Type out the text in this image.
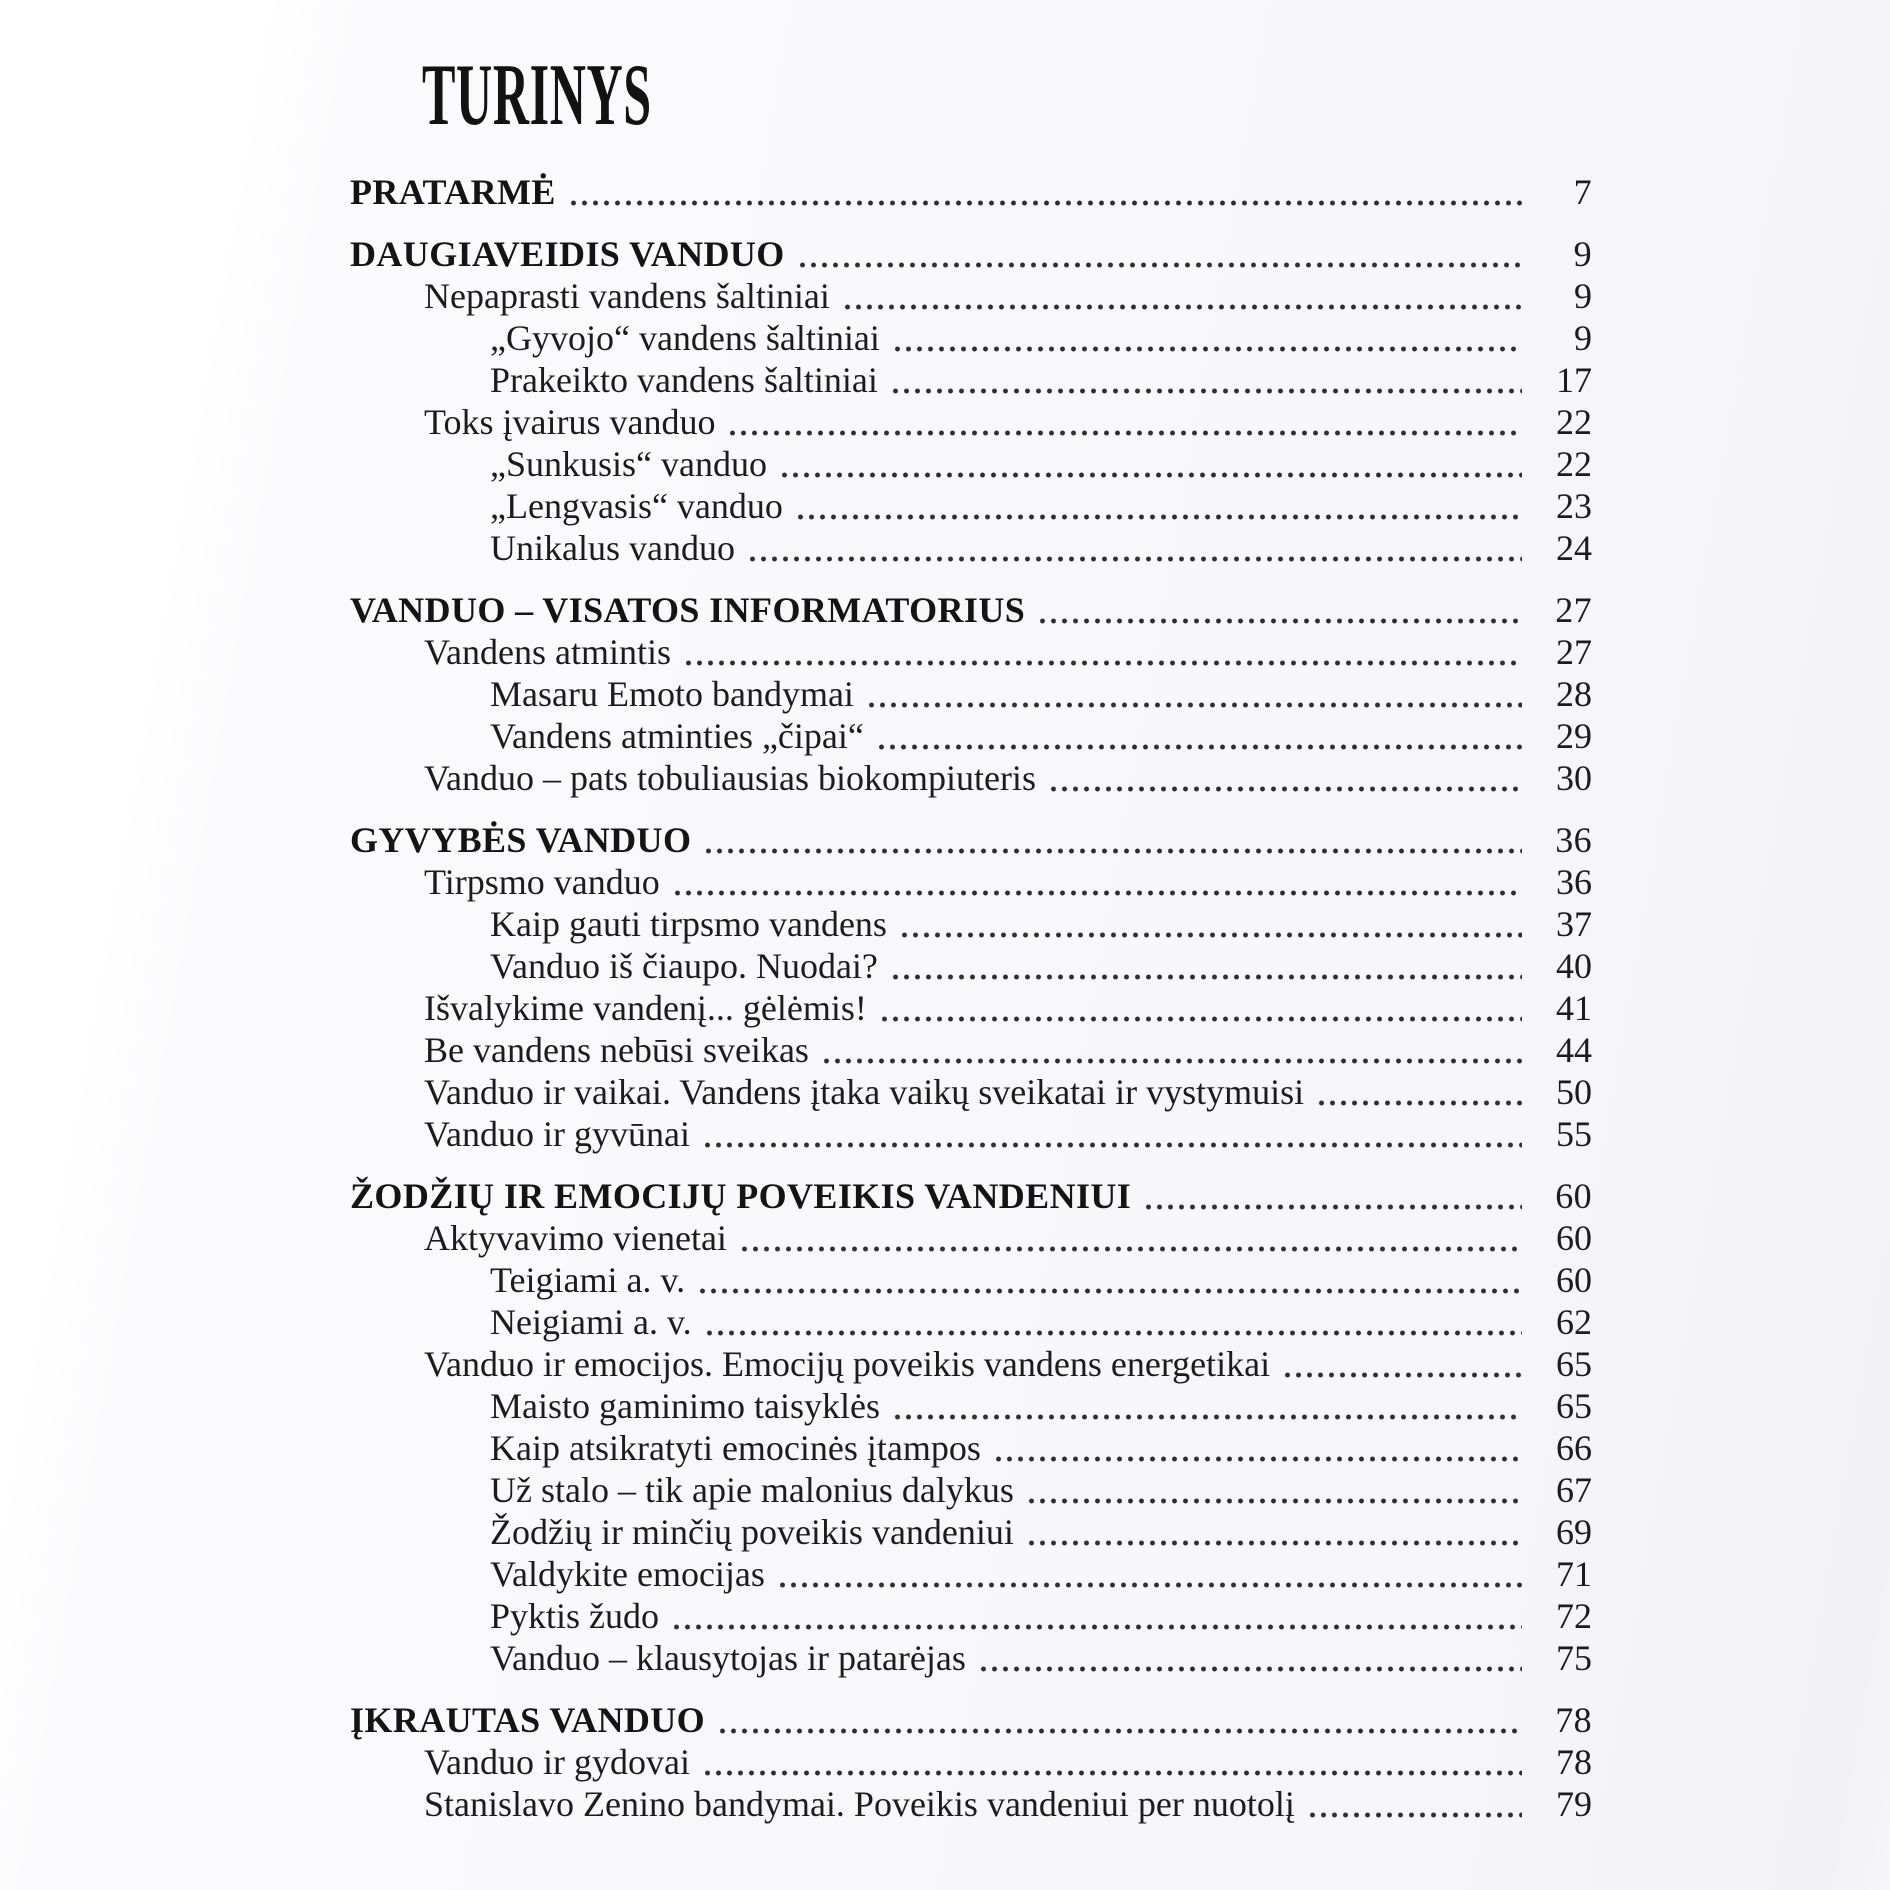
TURINYS
PRATARMĖ	7
DAUGIAVEIDIS VANDUO	9
Nepaprasti vandens šaltiniai	9
„Gyvojo“ vandens šaltiniai	9
Prakeikto vandens šaltiniai	17
Toks įvairus vanduo	22
„Sunkusis“ vanduo	22
„Lengvasis“ vanduo	23
Unikalus vanduo	24
VANDUO – VISATOS INFORMATORIUS	27
Vandens atmintis	27
Masaru Emoto bandymai	28
Vandens atminties „čipai“	29
Vanduo – pats tobuliausias biokompiuteris	30
GYVYBĖS VANDUO	36
Tirpsmo vanduo	36
Kaip gauti tirpsmo vandens	37
Vanduo iš čiaupo. Nuodai?	40
Išvalykime vandenį... gėlėmis!	41
Be vandens nebūsi sveikas	44
Vanduo ir vaikai. Vandens įtaka vaikų sveikatai ir vystymuisi	50
Vanduo ir gyvūnai	55
ŽODŽIŲ IR EMOCIJŲ POVEIKIS VANDENIUI	60
Aktyvavimo vienetai	60
Teigiami a. v.	60
Neigiami a. v.	62
Vanduo ir emocijos. Emocijų poveikis vandens energetikai	65
Maisto gaminimo taisyklės	65
Kaip atsikratyti emocinės įtampos	66
Už stalo – tik apie malonius dalykus	67
Žodžių ir minčių poveikis vandeniui	69
Valdykite emocijas	71
Pyktis žudo	72
Vanduo – klausytojas ir patarėjas	75
ĮKRAUTAS VANDUO	78
Vanduo ir gydovai	78
Stanislavo Zenino bandymai. Poveikis vandeniui per nuotolį	79
